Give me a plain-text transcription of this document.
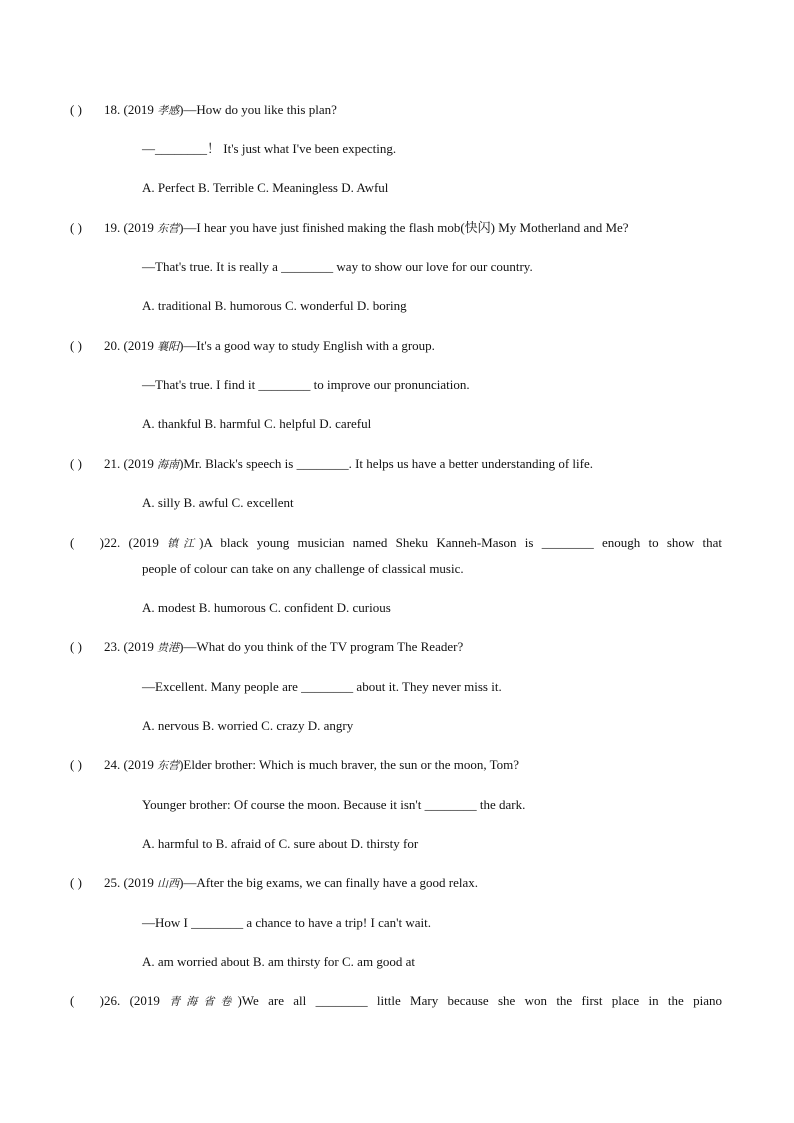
( ) 18. (2019 孝感)—How do you like this plan?
—________！ It's just what I've been expecting.
A. Perfect B. Terrible C. Meaningless D. Awful
( ) 19. (2019 东营)—I hear you have just finished making the flash mob(快闪) My Motherland and Me?
—That's true. It is really a ________ way to show our love for our country.
A. traditional B. humorous C. wonderful D. boring
( ) 20. (2019 襄阳)—It's a good way to study English with a group.
—That's true. I find it ________ to improve our pronunciation.
A. thankful B. harmful C. helpful D. careful
( ) 21. (2019 海南)Mr. Black's speech is ________. It helps us have a better understanding of life.
A. silly B. awful C. excellent
( )22. (2019 镇江)A black young musician named Sheku Kanneh-Mason is ________ enough to show that
people of colour can take on any challenge of classical music.
A. modest B. humorous C. confident D. curious
( ) 23. (2019 贵港)—What do you think of the TV program The Reader?
—Excellent. Many people are ________ about it. They never miss it.
A. nervous B. worried C. crazy D. angry
( ) 24. (2019 东营)Elder brother: Which is much braver, the sun or the moon, Tom?
Younger brother: Of course the moon. Because it isn't ________ the dark.
A. harmful to B. afraid of C. sure about D. thirsty for
( ) 25. (2019 山西)—After the big exams, we can finally have a good relax.
—How I ________ a chance to have a trip! I can't wait.
A. am worried about B. am thirsty for C. am good at
( )26. (2019 青海省卷)We are all ________ little Mary because she won the first place in the piano
